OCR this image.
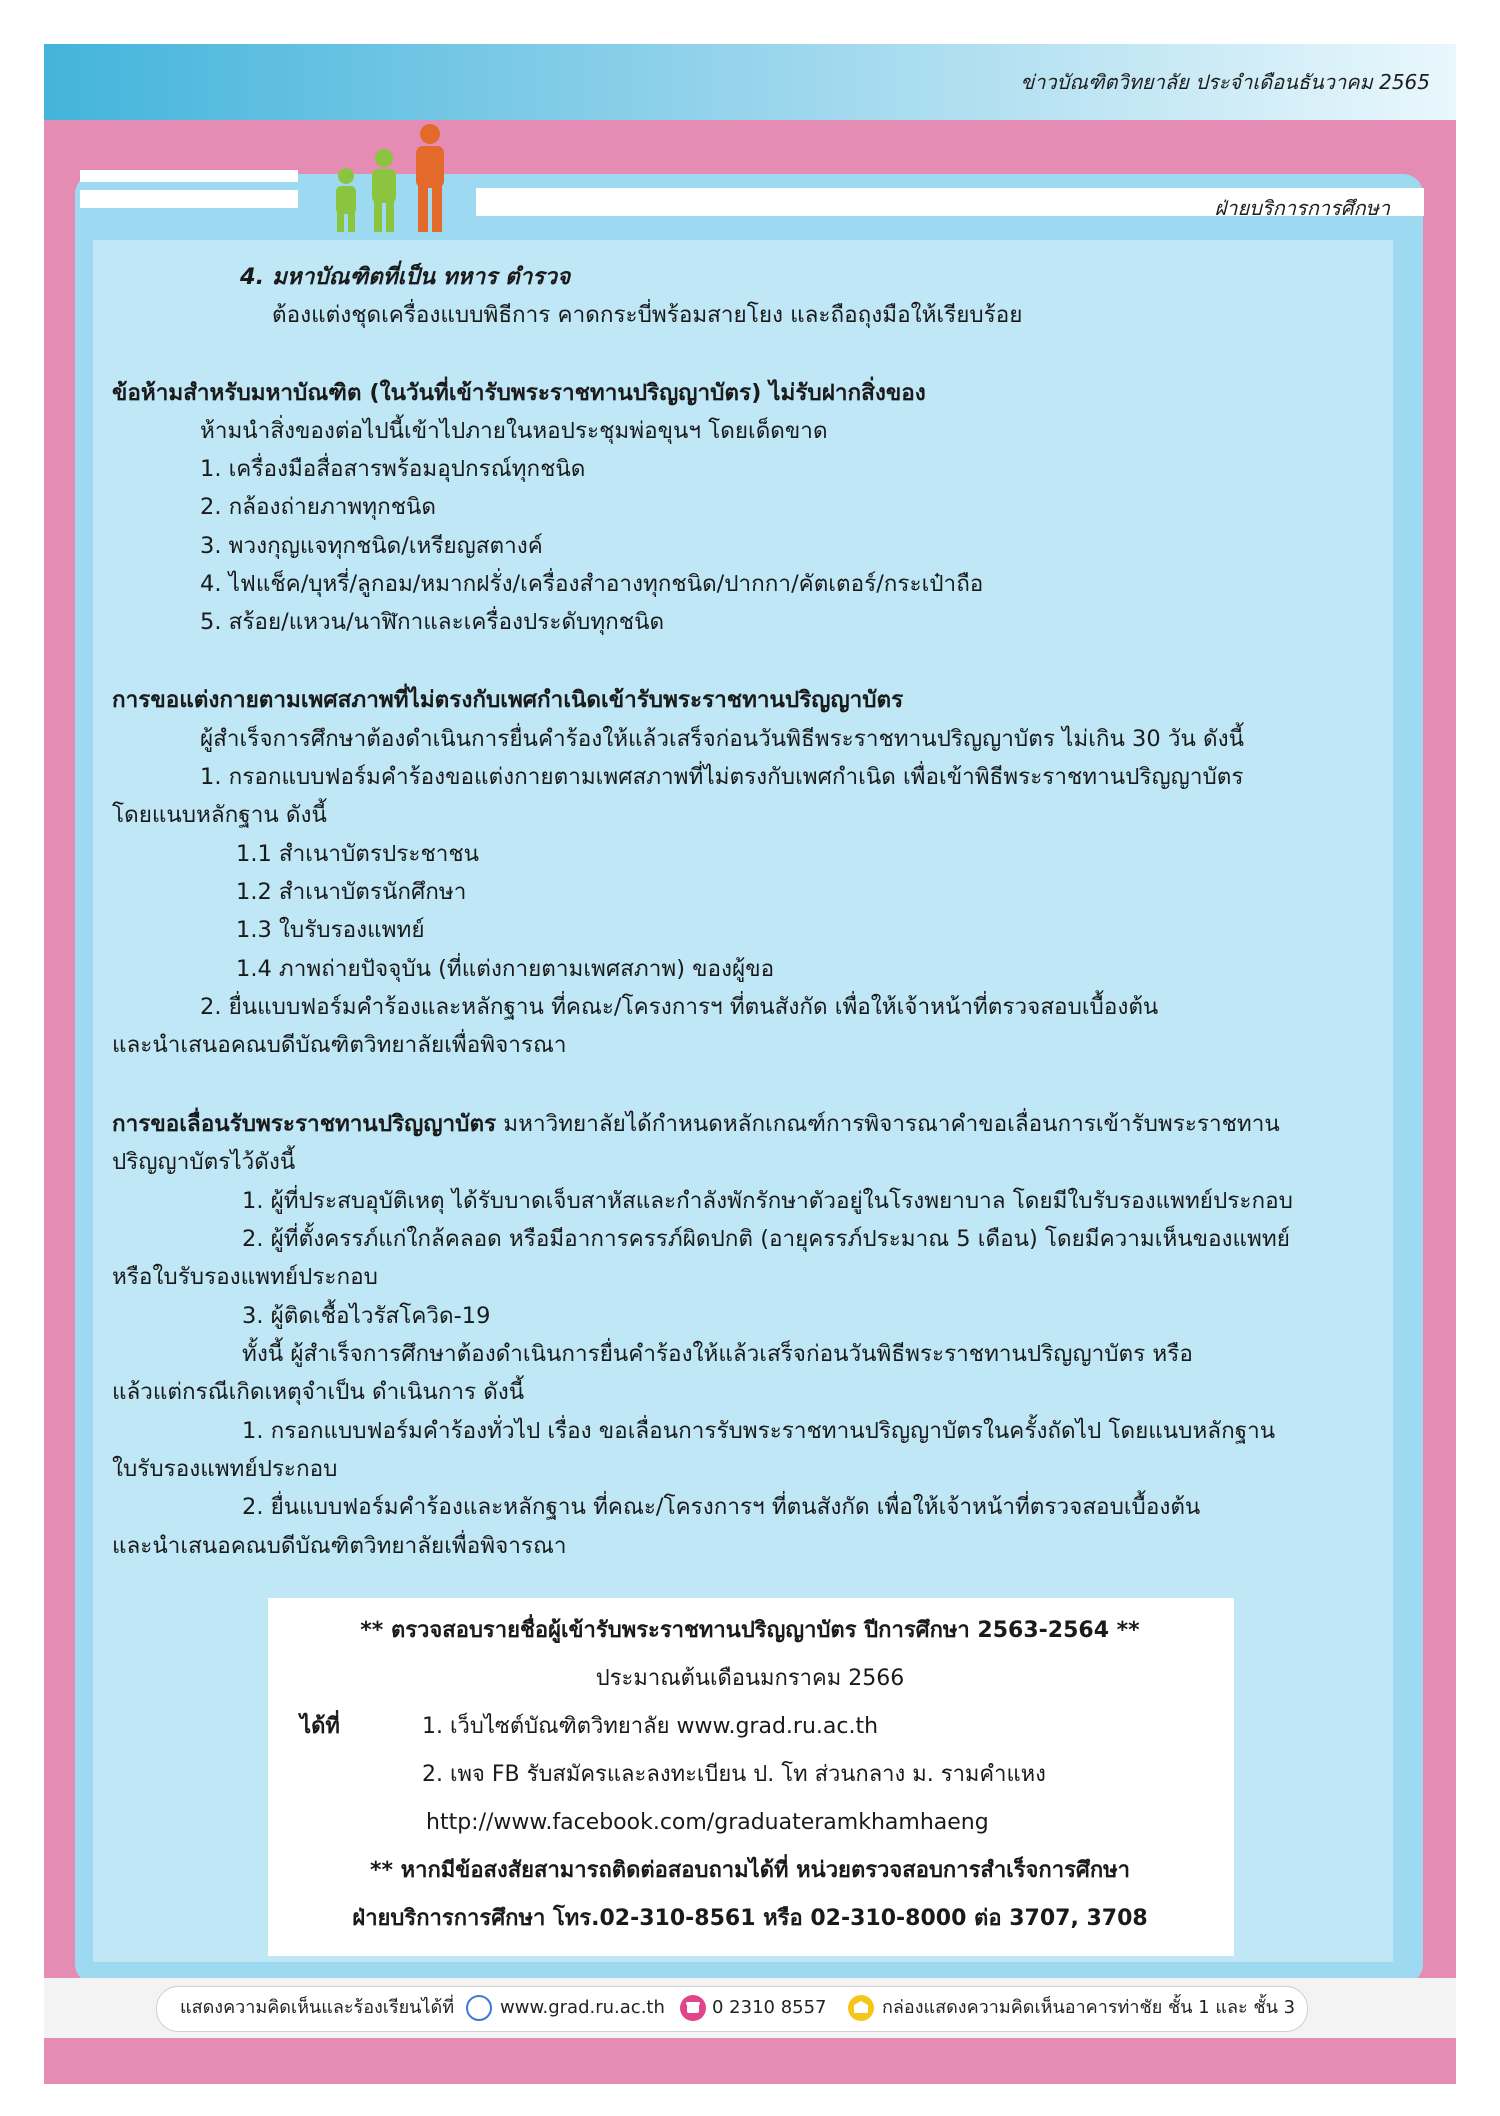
ข่าวบัณฑิตวิทยาลัย ประจำเดือนธันวาคม 2565
ฝ่ายบริการการศึกษา
4. มหาบัณฑิตที่เป็น ทหาร ตำรวจ
ต้องแต่งชุดเครื่องแบบพิธีการ คาดกระบี่พร้อมสายโยง และถือถุงมือให้เรียบร้อย
ข้อห้ามสำหรับมหาบัณฑิต (ในวันที่เข้ารับพระราชทานปริญญาบัตร) ไม่รับฝากสิ่งของ
ห้ามนำสิ่งของต่อไปนี้เข้าไปภายในหอประชุมพ่อขุนฯ โดยเด็ดขาด
1. เครื่องมือสื่อสารพร้อมอุปกรณ์ทุกชนิด
2. กล้องถ่ายภาพทุกชนิด
3. พวงกุญแจทุกชนิด/เหรียญสตางค์
4. ไฟแช็ค/บุหรี่/ลูกอม/หมากฝรั่ง/เครื่องสำอางทุกชนิด/ปากกา/คัตเตอร์/กระเป๋าถือ
5. สร้อย/แหวน/นาฬิกาและเครื่องประดับทุกชนิด
การขอแต่งกายตามเพศสภาพที่ไม่ตรงกับเพศกำเนิดเข้ารับพระราชทานปริญญาบัตร
ผู้สำเร็จการศึกษาต้องดำเนินการยื่นคำร้องให้แล้วเสร็จก่อนวันพิธีพระราชทานปริญญาบัตร ไม่เกิน 30 วัน ดังนี้
1. กรอกแบบฟอร์มคำร้องขอแต่งกายตามเพศสภาพที่ไม่ตรงกับเพศกำเนิด เพื่อเข้าพิธีพระราชทานปริญญาบัตร
โดยแนบหลักฐาน ดังนี้
1.1 สำเนาบัตรประชาชน
1.2 สำเนาบัตรนักศึกษา
1.3 ใบรับรองแพทย์
1.4 ภาพถ่ายปัจจุบัน (ที่แต่งกายตามเพศสภาพ) ของผู้ขอ
2. ยื่นแบบฟอร์มคำร้องและหลักฐาน ที่คณะ/โครงการฯ ที่ตนสังกัด เพื่อให้เจ้าหน้าที่ตรวจสอบเบื้องต้น
และนำเสนอคณบดีบัณฑิตวิทยาลัยเพื่อพิจารณา
การขอเลื่อนรับพระราชทานปริญญาบัตร มหาวิทยาลัยได้กำหนดหลักเกณฑ์การพิจารณาคำขอเลื่อนการเข้ารับพระราชทาน
ปริญญาบัตรไว้ดังนี้
1. ผู้ที่ประสบอุบัติเหตุ ได้รับบาดเจ็บสาหัสและกำลังพักรักษาตัวอยู่ในโรงพยาบาล โดยมีใบรับรองแพทย์ประกอบ
2. ผู้ที่ตั้งครรภ์แก่ใกล้คลอด หรือมีอาการครรภ์ผิดปกติ (อายุครรภ์ประมาณ 5 เดือน) โดยมีความเห็นของแพทย์
หรือใบรับรองแพทย์ประกอบ
3. ผู้ติดเชื้อไวรัสโควิด-19
ทั้งนี้ ผู้สำเร็จการศึกษาต้องดำเนินการยื่นคำร้องให้แล้วเสร็จก่อนวันพิธีพระราชทานปริญญาบัตร หรือ
แล้วแต่กรณีเกิดเหตุจำเป็น ดำเนินการ ดังนี้
1. กรอกแบบฟอร์มคำร้องทั่วไป เรื่อง ขอเลื่อนการรับพระราชทานปริญญาบัตรในครั้งถัดไป โดยแนบหลักฐาน
ใบรับรองแพทย์ประกอบ
2. ยื่นแบบฟอร์มคำร้องและหลักฐาน ที่คณะ/โครงการฯ ที่ตนสังกัด เพื่อให้เจ้าหน้าที่ตรวจสอบเบื้องต้น
และนำเสนอคณบดีบัณฑิตวิทยาลัยเพื่อพิจารณา
** ตรวจสอบรายชื่อผู้เข้ารับพระราชทานปริญญาบัตร ปีการศึกษา 2563-2564 **
ประมาณต้นเดือนมกราคม 2566
ได้ที่	1. เว็บไซต์บัณฑิตวิทยาลัย www.grad.ru.ac.th
2. เพจ FB รับสมัครและลงทะเบียน ป. โท ส่วนกลาง ม. รามคำแหง
http://www.facebook.com/graduateramkhamhaeng
** หากมีข้อสงสัยสามารถติดต่อสอบถามได้ที่ หน่วยตรวจสอบการสำเร็จการศึกษา
ฝ่ายบริการการศึกษา โทร.02-310-8561 หรือ 02-310-8000 ต่อ 3707, 3708
แสดงความคิดเห็นและร้องเรียนได้ที่	www.grad.ru.ac.th	0 2310 8557	กล่องแสดงความคิดเห็นอาคารท่าชัย ชั้น 1 และ ชั้น 3
